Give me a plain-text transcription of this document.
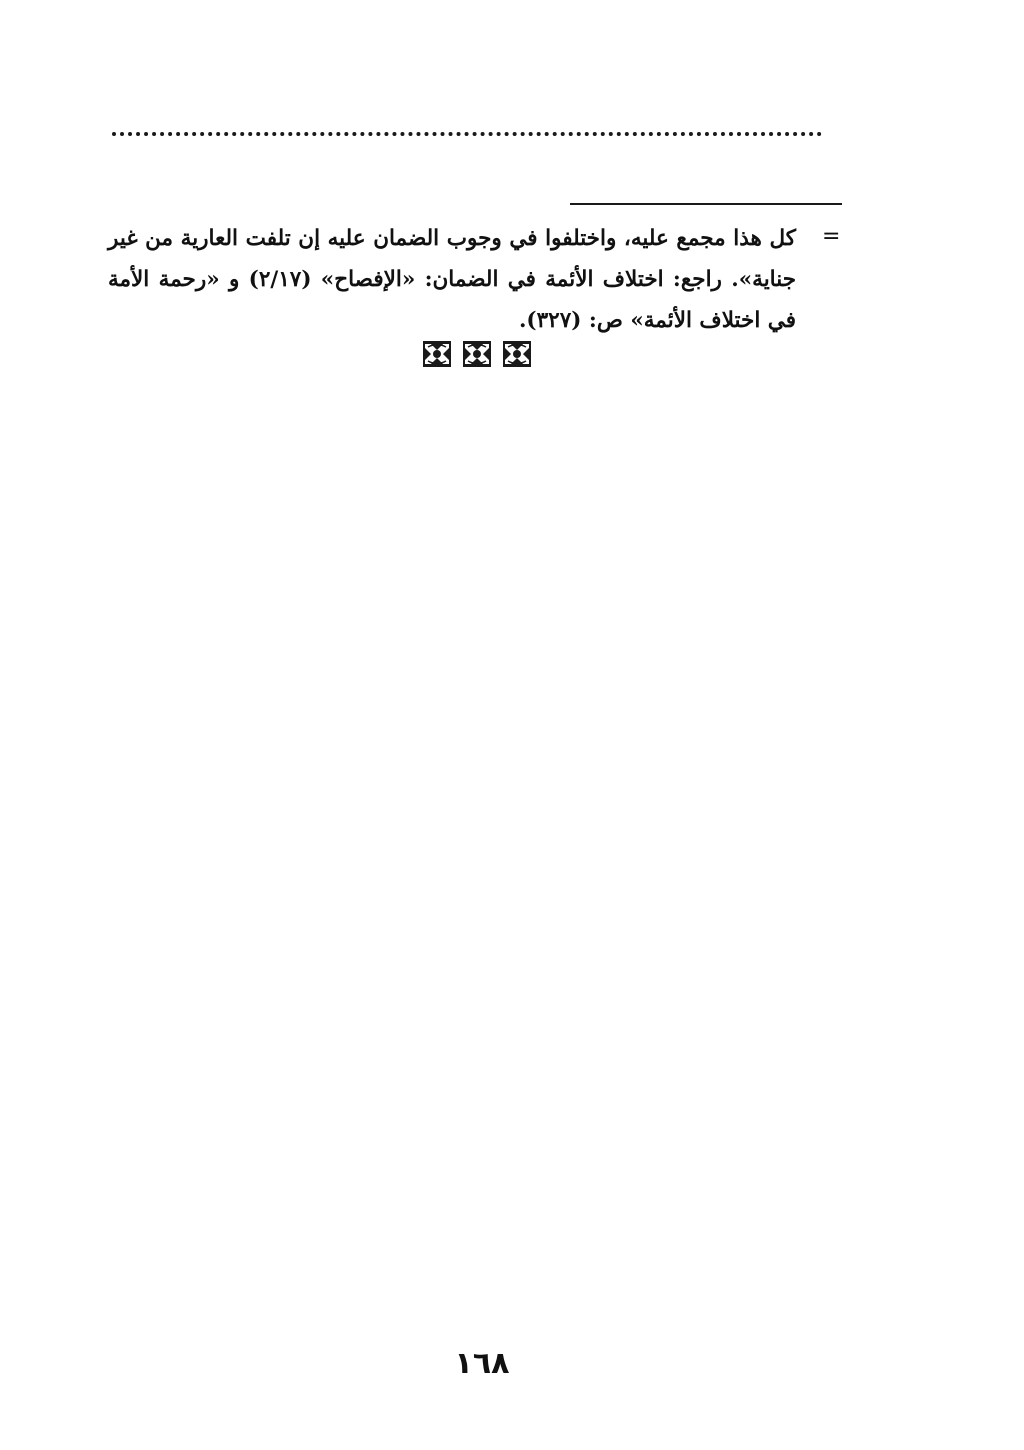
=
كل هذا مجمع عليه، واختلفوا في وجوب الضمان عليه إن تلفت العارية من غير
جناية». راجع: اختلاف الأئمة في الضمان: «الإفصاح» (٢/١٧) و «رحمة الأمة
في اختلاف الأئمة» ص: (٣٢٧).
١٦٨
